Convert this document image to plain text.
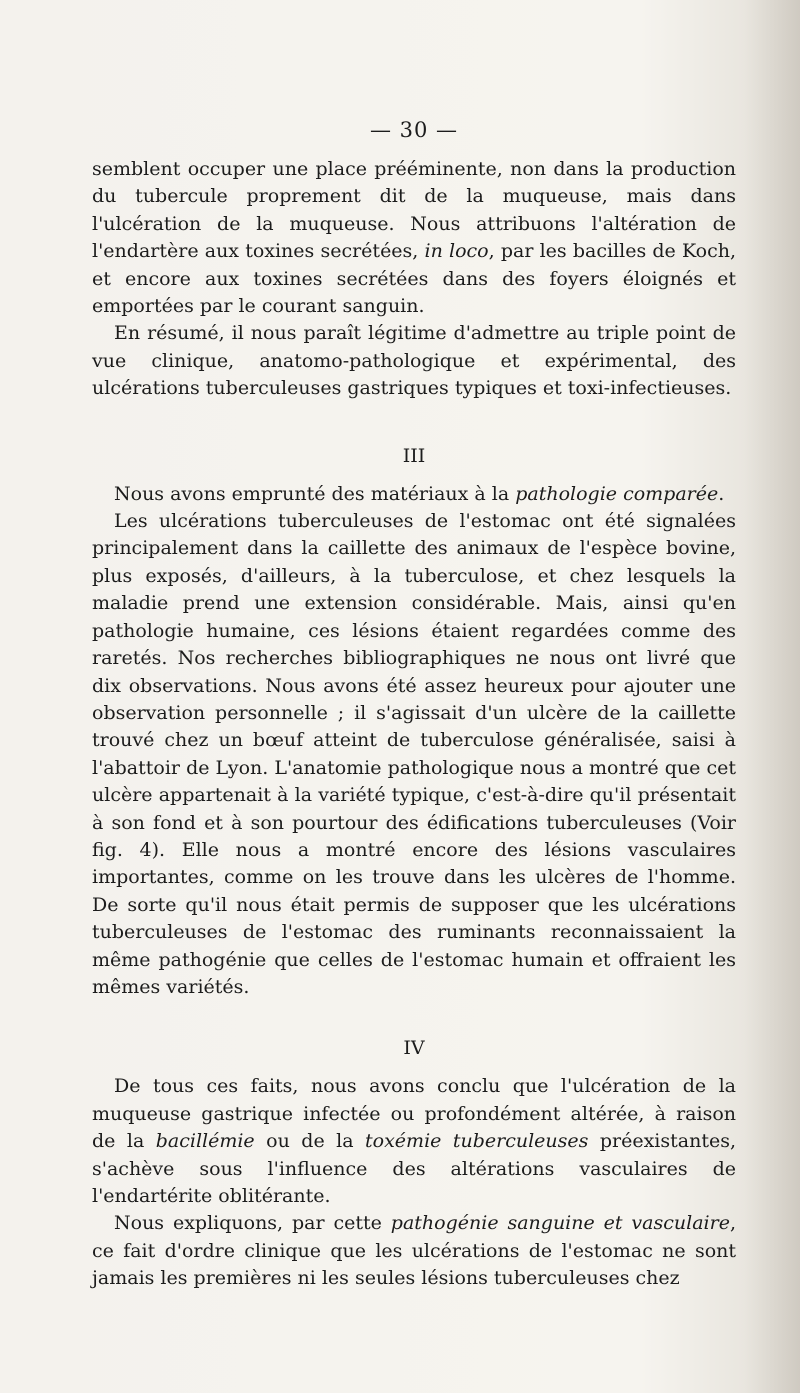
— 30 —

semblent occuper une place prééminente, non dans la production du tubercule proprement dit de la muqueuse, mais dans l'ulcération de la muqueuse. Nous attribuons l'altération de l'endartère aux toxines secrétées, in loco, par les bacilles de Koch, et encore aux toxines secrétées dans des foyers éloignés et emportées par le courant sanguin.

En résumé, il nous paraît légitime d'admettre au triple point de vue clinique, anatomo-pathologique et expérimental, des ulcérations tuberculeuses gastriques typiques et toxi-infectieuses.

III

Nous avons emprunté des matériaux à la pathologie comparée.

Les ulcérations tuberculeuses de l'estomac ont été signalées principalement dans la caillette des animaux de l'espèce bovine, plus exposés, d'ailleurs, à la tuberculose, et chez lesquels la maladie prend une extension considérable. Mais, ainsi qu'en pathologie humaine, ces lésions étaient regardées comme des raretés. Nos recherches bibliographiques ne nous ont livré que dix observations. Nous avons été assez heureux pour ajouter une observation personnelle ; il s'agissait d'un ulcère de la caillette trouvé chez un bœuf atteint de tuberculose généralisée, saisi à l'abattoir de Lyon. L'anatomie pathologique nous a montré que cet ulcère appartenait à la variété typique, c'est-à-dire qu'il présentait à son fond et à son pourtour des édifications tuberculeuses (Voir fig. 4). Elle nous a montré encore des lésions vasculaires importantes, comme on les trouve dans les ulcères de l'homme. De sorte qu'il nous était permis de supposer que les ulcérations tuberculeuses de l'estomac des ruminants reconnaissaient la même pathogénie que celles de l'estomac humain et offraient les mêmes variétés.

IV

De tous ces faits, nous avons conclu que l'ulcération de la muqueuse gastrique infectée ou profondément altérée, à raison de la bacillémie ou de la toxémie tuberculeuses préexistantes, s'achève sous l'influence des altérations vasculaires de l'endartérite oblitérante.

Nous expliquons, par cette pathogénie sanguine et vasculaire, ce fait d'ordre clinique que les ulcérations de l'estomac ne sont jamais les premières ni les seules lésions tuberculeuses chez
